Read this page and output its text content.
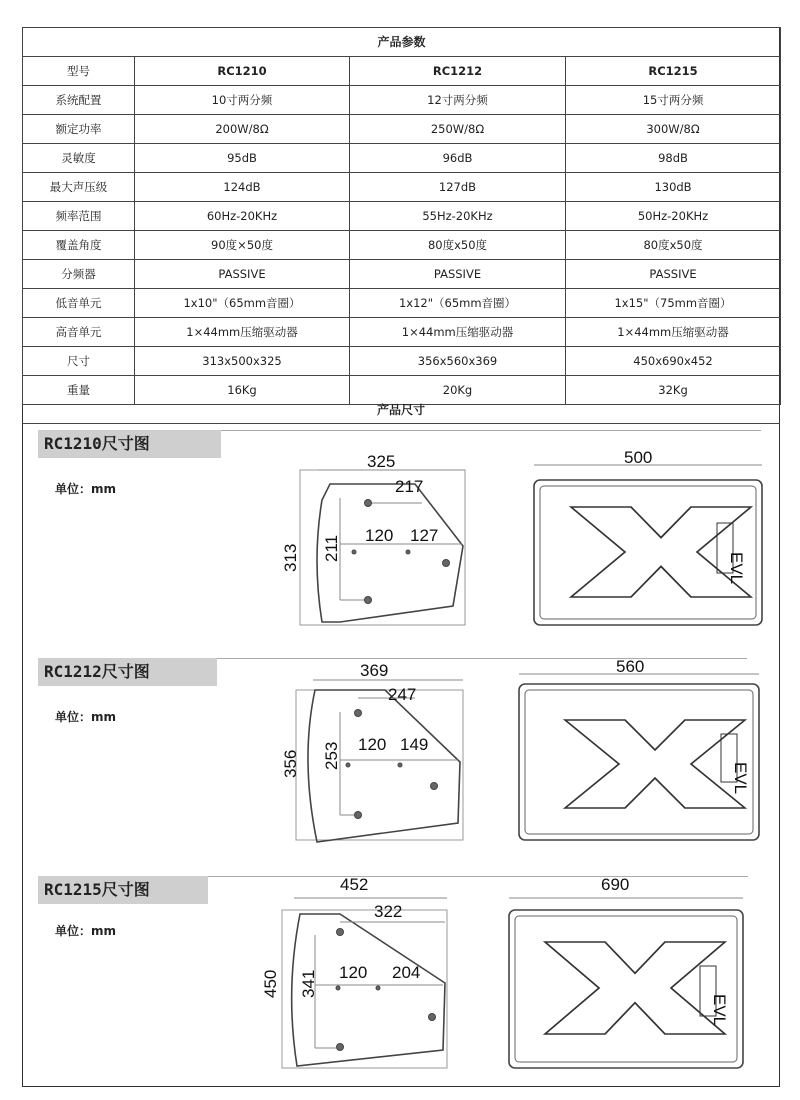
产品参数			
型号	RC1210	RC1212	RC1215
系统配置	10寸两分频	12寸两分频	15寸两分频
额定功率	200W/8Ω	250W/8Ω	300W/8Ω
灵敏度	95dB	96dB	98dB
最大声压级	124dB	127dB	130dB
频率范围	60Hz-20KHz	55Hz-20KHz	50Hz-20KHz
覆盖角度	90度×50度	80度x50度	80度x50度
分频器	PASSIVE	PASSIVE	PASSIVE
低音单元	1x10"（65mm音圈）	1x12"（65mm音圈）	1x15"（75mm音圈）
高音单元	1×44mm压缩驱动器	1×44mm压缩驱动器	1×44mm压缩驱动器
尺寸	313x500x325	356x560x369	450x690x452
重量	16Kg	20Kg	32Kg
产品尺寸
RC1210尺寸图
RC1212尺寸图
RC1215尺寸图
单位：mm
单位：mm
单位：mm
325
217
120 127
313 211
500
EVL
369
247
120 149
356 253
560
EVL
452
322
120 204
450 341
690
EVL
